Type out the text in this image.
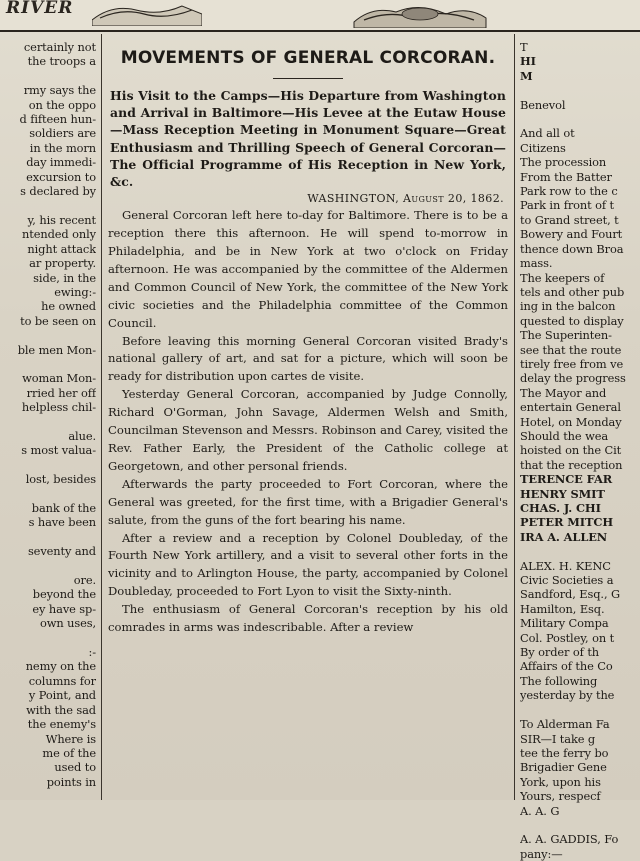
RIVER
certainly not
the troops a

rmy says the
on the oppo
d fifteen hun-
soldiers are
in the morn
day immedi-
excursion to
s declared by

y, his recent
ntended only
night attack
ar property.
side, in the
ewing:-
he owned
to be seen on

ble men Mon-

woman Mon-
rried her off
helpless chil-

alue.
s most valua-

lost, besides

bank of the
s have been

seventy and

ore.
beyond the
ey have sp-
own uses,

:-
nemy on the
columns for
y Point, and
with the sad
the enemy's
Where is
me of the
used to
points in
MOVEMENTS OF GENERAL CORCORAN.
His Visit to the Camps—His Departure from Washington and Arrival in Baltimore—His Levee at the Eutaw House—Mass Reception Meeting in Monument Square—Great Enthusiasm and Thrilling Speech of General Corcoran—The Official Programme of His Reception in New York, &c.
WASHINGTON, August 20, 1862.

General Corcoran left here to-day for Baltimore. There is to be a reception there this afternoon. He will spend to-morrow in Philadelphia, and be in New York at two o'clock on Friday afternoon. He was accompanied by the committee of the Aldermen and Common Council of New York, the committee of the New York civic societies and the Philadelphia committee of the Common Council.

Before leaving this morning General Corcoran visited Brady's national gallery of art, and sat for a picture, which will soon be ready for distribution upon cartes de visite.

Yesterday General Corcoran, accompanied by Judge Connolly, Richard O'Gorman, John Savage, Aldermen Welsh and Smith, Councilman Stevenson and Messrs. Robinson and Carey, visited the Rev. Father Early, the President of the Catholic college at Georgetown, and other personal friends.

Afterwards the party proceeded to Fort Corcoran, where the General was greeted, for the first time, with a Brigadier General's salute, from the guns of the fort bearing his name.

After a review and a reception by Colonel Doubleday, of the Fourth New York artillery, and a visit to several other forts in the vicinity and to Arlington House, the party, accompanied by Colonel Doubleday, proceeded to Fort Lyon to visit the Sixty-ninth.

The enthusiasm of General Corcoran's reception by his old comrades in arms was indescribable. After a review

T
HI
M

Benevol

And all ot
Citizens
The procession
From the Batter
Park row to the c
Park in front of t
to Grand street, t
Bowery and Fourt
thence down Broa
mass.
The keepers of
tels and other pub
ing in the balcon
quested to display
The Superinten-
see that the route
tirely free from ve
delay the progress
The Mayor and
entertain General
Hotel, on Monday
Should the wea
hoisted on the Cit
that the reception
TERENCE FAR
HENRY SMIT
CHAS. J. CHI
PETER MITCH
IRA A. ALLEN

ALEX. H. KENC
Civic Societies a
Sandford, Esq., G
Hamilton, Esq.
Military Compa
Col. Postley, on t
By order of th
Affairs of the Co
The following
yesterday by the

To Alderman Fa
SIR—I take g
tee the ferry bo
Brigadier Gene
York, upon his
Yours, respecf
A. A. G

A. A. GADDIS, Fo
pany:—
